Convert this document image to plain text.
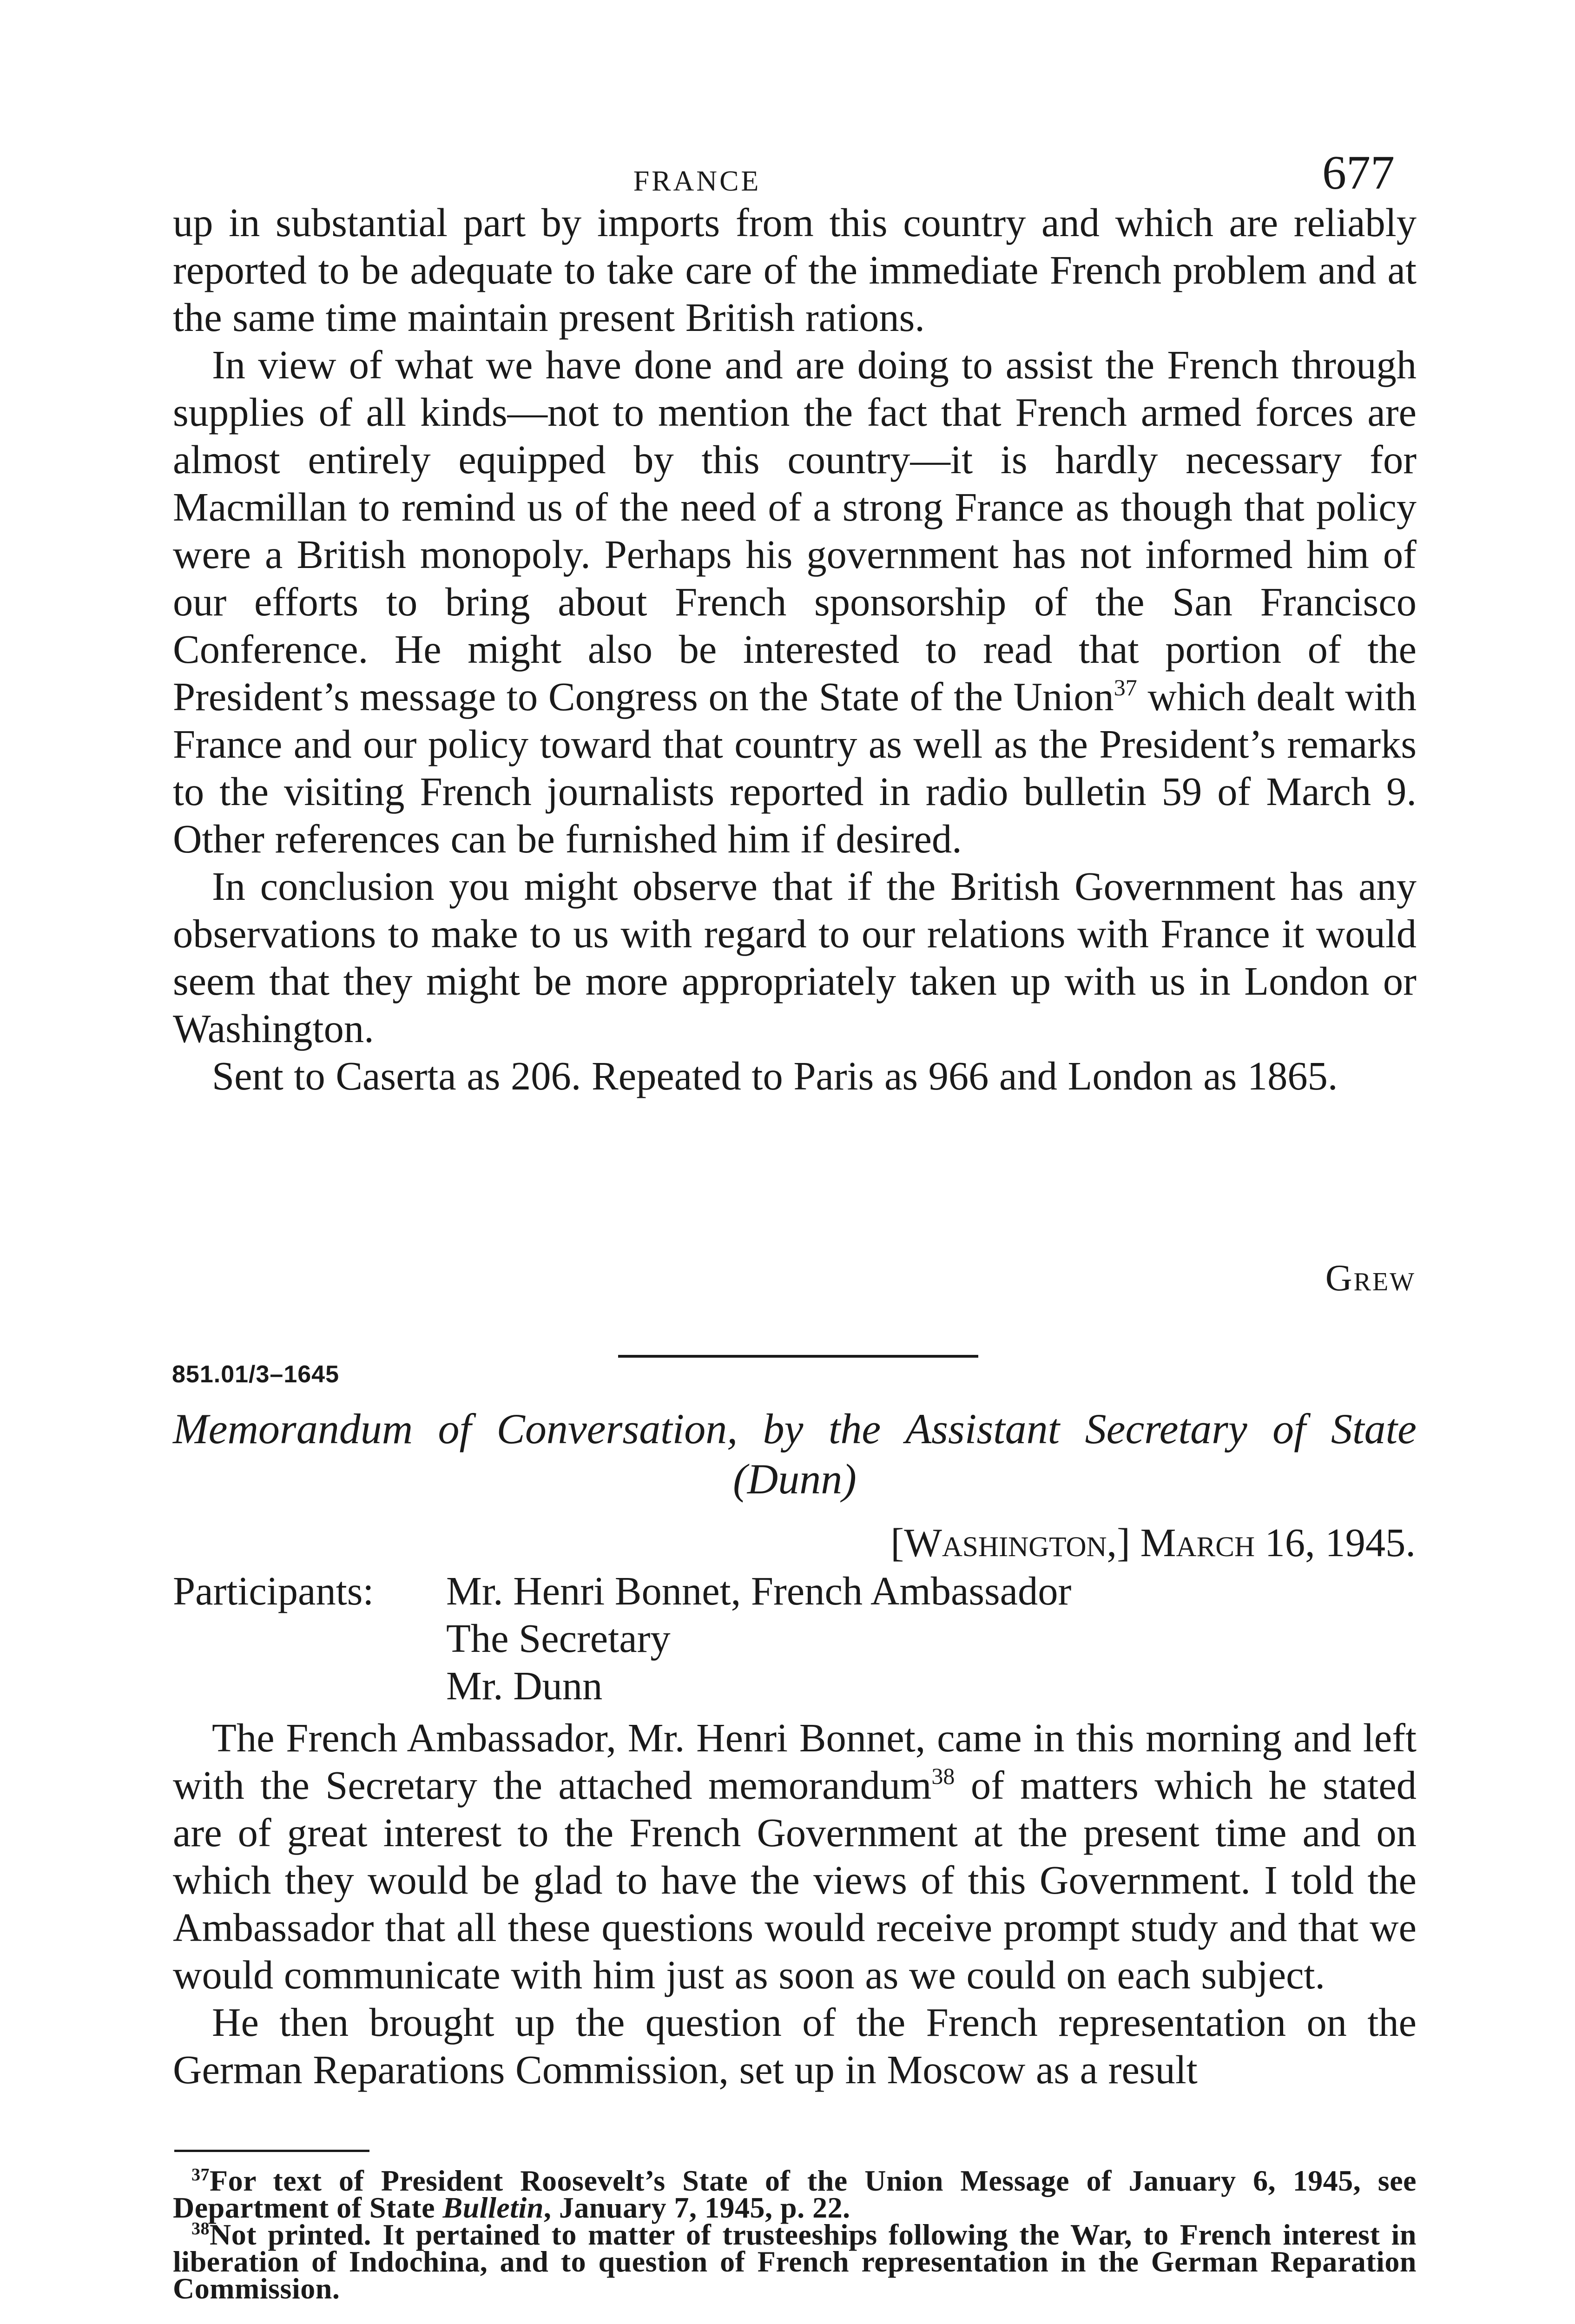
FRANCE	677

up in substantial part by imports from this country and which are reliably reported to be adequate to take care of the immediate French problem and at the same time maintain present British rations.

In view of what we have done and are doing to assist the French through supplies of all kinds—not to mention the fact that French armed forces are almost entirely equipped by this country—it is hardly necessary for Macmillan to remind us of the need of a strong France as though that policy were a British monopoly. Perhaps his government has not informed him of our efforts to bring about French sponsorship of the San Francisco Conference. He might also be interested to read that portion of the President’s message to Congress on the State of the Union$^{37}$ which dealt with France and our policy toward that country as well as the President’s remarks to the visiting French journalists reported in radio bulletin 59 of March 9. Other references can be furnished him if desired.

In conclusion you might observe that if the British Government has any observations to make to us with regard to our relations with France it would seem that they might be more appropriately taken up with us in London or Washington.

Sent to Caserta as 206. Repeated to Paris as 966 and London as 1865.

Grew
851.01/3–1645
Memorandum of Conversation, by the Assistant Secretary of State
(Dunn)
[Washington,] March 16, 1945.
Participants: Mr. Henri Bonnet, French Ambassador
The Secretary
Mr. Dunn

The French Ambassador, Mr. Henri Bonnet, came in this morning and left with the Secretary the attached memorandum$^{38}$ of matters which he stated are of great interest to the French Government at the present time and on which they would be glad to have the views of this Government. I told the Ambassador that all these questions would receive prompt study and that we would communicate with him just as soon as we could on each subject.

He then brought up the question of the French representation on the German Reparations Commission, set up in Moscow as a result

$^{37}$For text of President Roosevelt’s State of the Union Message of January 6, 1945, see Department of State Bulletin, January 7, 1945, p. 22.

$^{38}$Not printed. It pertained to matter of trusteeships following the War, to French interest in liberation of Indochina, and to question of French representation in the German Reparation Commission.
